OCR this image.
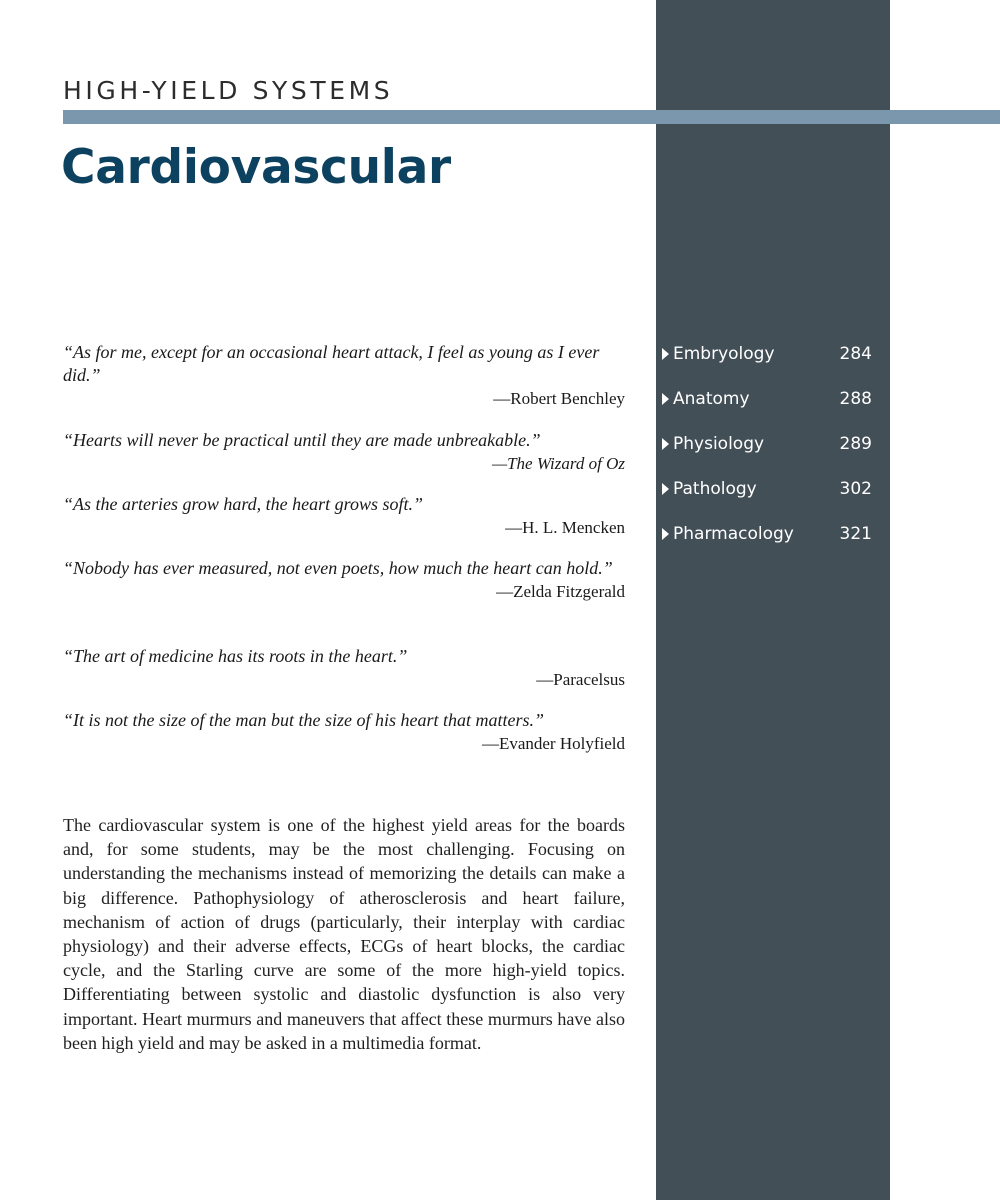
HIGH-YIELD SYSTEMS
Cardiovascular
Embryology	284
Anatomy	288
Physiology	289
Pathology	302
Pharmacology	321

“As for me, except for an occasional heart attack, I feel as young as I ever did.”

—Robert Benchley

“Hearts will never be practical until they are made unbreakable.”

—The Wizard of Oz

“As the arteries grow hard, the heart grows soft.”

—H. L. Mencken

“Nobody has ever measured, not even poets, how much the heart can hold.”

—Zelda Fitzgerald

“The art of medicine has its roots in the heart.”

—Paracelsus

“It is not the size of the man but the size of his heart that matters.”

—Evander Holyfield

The cardiovascular system is one of the highest yield areas for the boards and, for some students, may be the most challenging. Focusing on understanding the mechanisms instead of memorizing the details can make a big difference. Pathophysiology of atherosclerosis and heart failure, mechanism of action of drugs (particularly, their interplay with cardiac physiology) and their adverse effects, ECGs of heart blocks, the cardiac cycle, and the Starling curve are some of the more high-yield topics. Differentiating between systolic and diastolic dysfunction is also very important. Heart murmurs and maneuvers that affect these murmurs have also been high yield and may be asked in a multimedia format.
